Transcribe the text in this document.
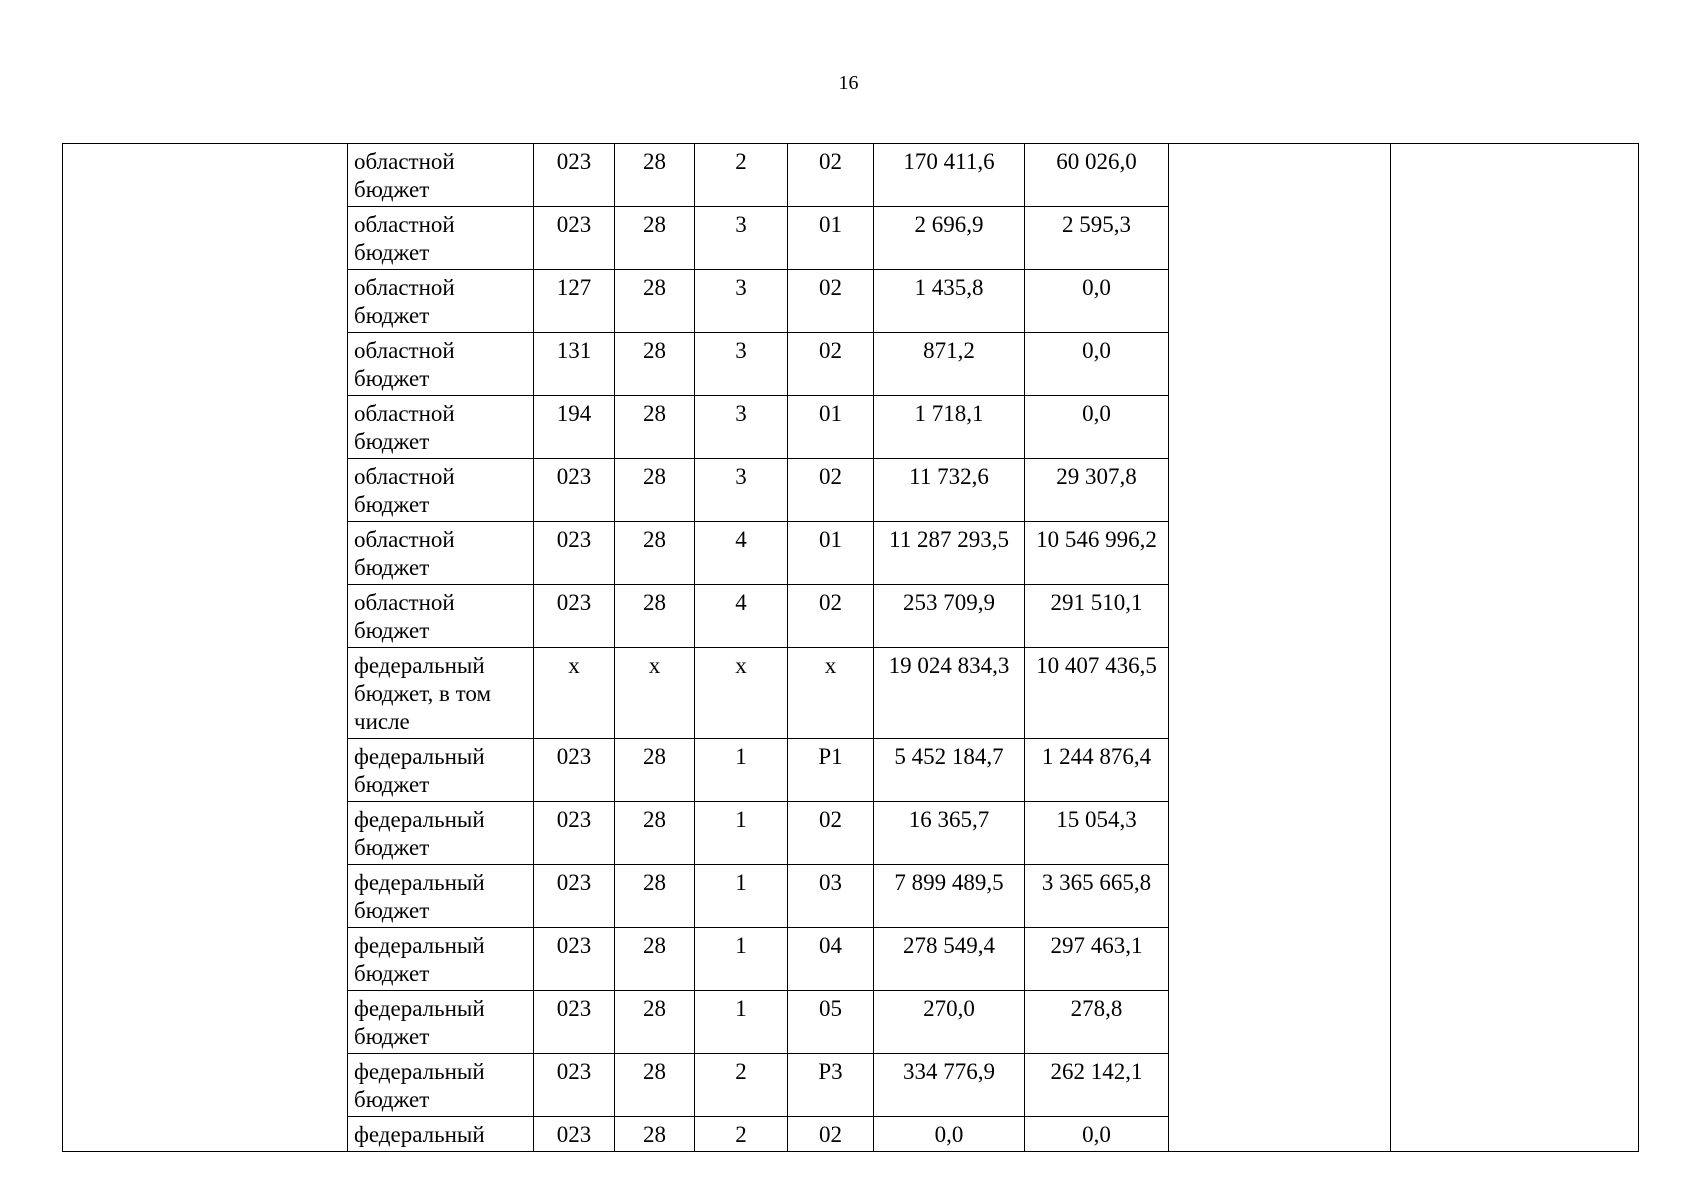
16
	областной бюджет	023	28	2	02	170 411,6	60 026,0		
	областной бюджет	023	28	3	01	2 696,9	2 595,3		
	областной бюджет	127	28	3	02	1 435,8	0,0		
	областной бюджет	131	28	3	02	871,2	0,0		
	областной бюджет	194	28	3	01	1 718,1	0,0		
	областной бюджет	023	28	3	02	11 732,6	29 307,8		
	областной бюджет	023	28	4	01	11 287 293,5	10 546 996,2		
	областной бюджет	023	28	4	02	253 709,9	291 510,1		
	федеральный бюджет, в том числе	х	х	х	х	19 024 834,3	10 407 436,5		
	федеральный бюджет	023	28	1	Р1	5 452 184,7	1 244 876,4		
	федеральный бюджет	023	28	1	02	16 365,7	15 054,3		
	федеральный бюджет	023	28	1	03	7 899 489,5	3 365 665,8		
	федеральный бюджет	023	28	1	04	278 549,4	297 463,1		
	федеральный бюджет	023	28	1	05	270,0	278,8		
	федеральный бюджет	023	28	2	Р3	334 776,9	262 142,1		
	федеральный	023	28	2	02	0,0	0,0		
